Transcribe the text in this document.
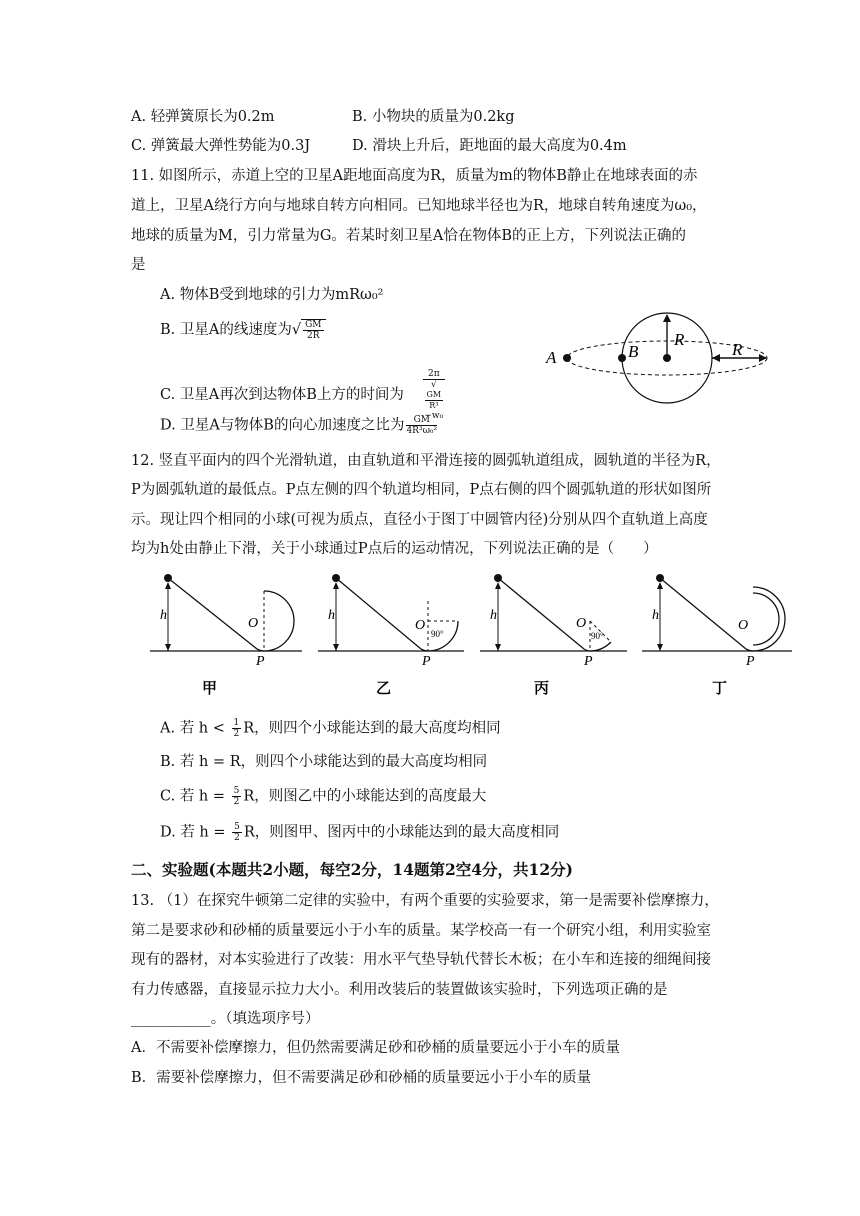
A. 轻弹簧原长为0.2m	B. 小物块的质量为0.2kg
C. 弹簧最大弹性势能为0.3J	D. 滑块上升后，距地面的最大高度为0.4m
11. 如图所示，赤道上空的卫星A距地面高度为R，质量为m的物体B静止在地球表面的赤
道上，卫星A绕行方向与地球自转方向相同。已知地球半径也为R，地球自转角速度为ω₀，
地球的质量为M，引力常量为G。若某时刻卫星A恰在物体B的正上方，下列说法正确的
是
A. 物体B受到地球的引力为mRω₀²
B. 卫星A的线速度为√ $\frac{GM}{2R}$
C. 卫星A再次到达物体B上方的时间为 2π
√
GM
R³
−w₀
D. 卫星A与物体B的向心加速度之比为 $\frac{GM}{\text{4R³ω₀²}}$
A	B
R
R
12. 竖直平面内的四个光滑轨道，由直轨道和平滑连接的圆弧轨道组成，圆轨道的半径为R，
P为圆弧轨道的最低点。P点左侧的四个轨道均相同，P点右侧的四个圆弧轨道的形状如图所
示。现让四个相同的小球(可视为质点，直径小于图丁中圆管内径)分别从四个直轨道上高度
均为h处由静止下滑，关于小球通过P点后的运动情况，下列说法正确的是（　　）
h
O
P
甲
h
O
90°
P
乙
h
O
90°
P
丙
h
O
P
丁
A. 若 $h < \frac{1}{2}$ R，则四个小球能达到的最大高度均相同
B. 若 h = R，则四个小球能达到的最大高度均相同
C. 若 $h = \frac{5}{2}$ R，则图乙中的小球能达到的高度最大
D. 若 $h = \frac{5}{2}$ R，则图甲、图丙中的小球能达到的最大高度相同
二、实验题(本题共2小题，每空2分，14题第2空4分，共12分)
13. （1）在探究牛顿第二定律的实验中，有两个重要的实验要求，第一是需要补偿摩擦力，
第二是要求砂和砂桶的质量要远小于小车的质量。某学校高一有一个研究小组，利用实验室
现有的器材，对本实验进行了改装：用水平气垫导轨代替长木板；在小车和连接的细绳间接
有力传感器，直接显示拉力大小。利用改装后的装置做该实验时，下列选项正确的是
___________。（填选项序号）
A．不需要补偿摩擦力，但仍然需要满足砂和砂桶的质量要远小于小车的质量
B．需要补偿摩擦力，但不需要满足砂和砂桶的质量要远小于小车的质量
